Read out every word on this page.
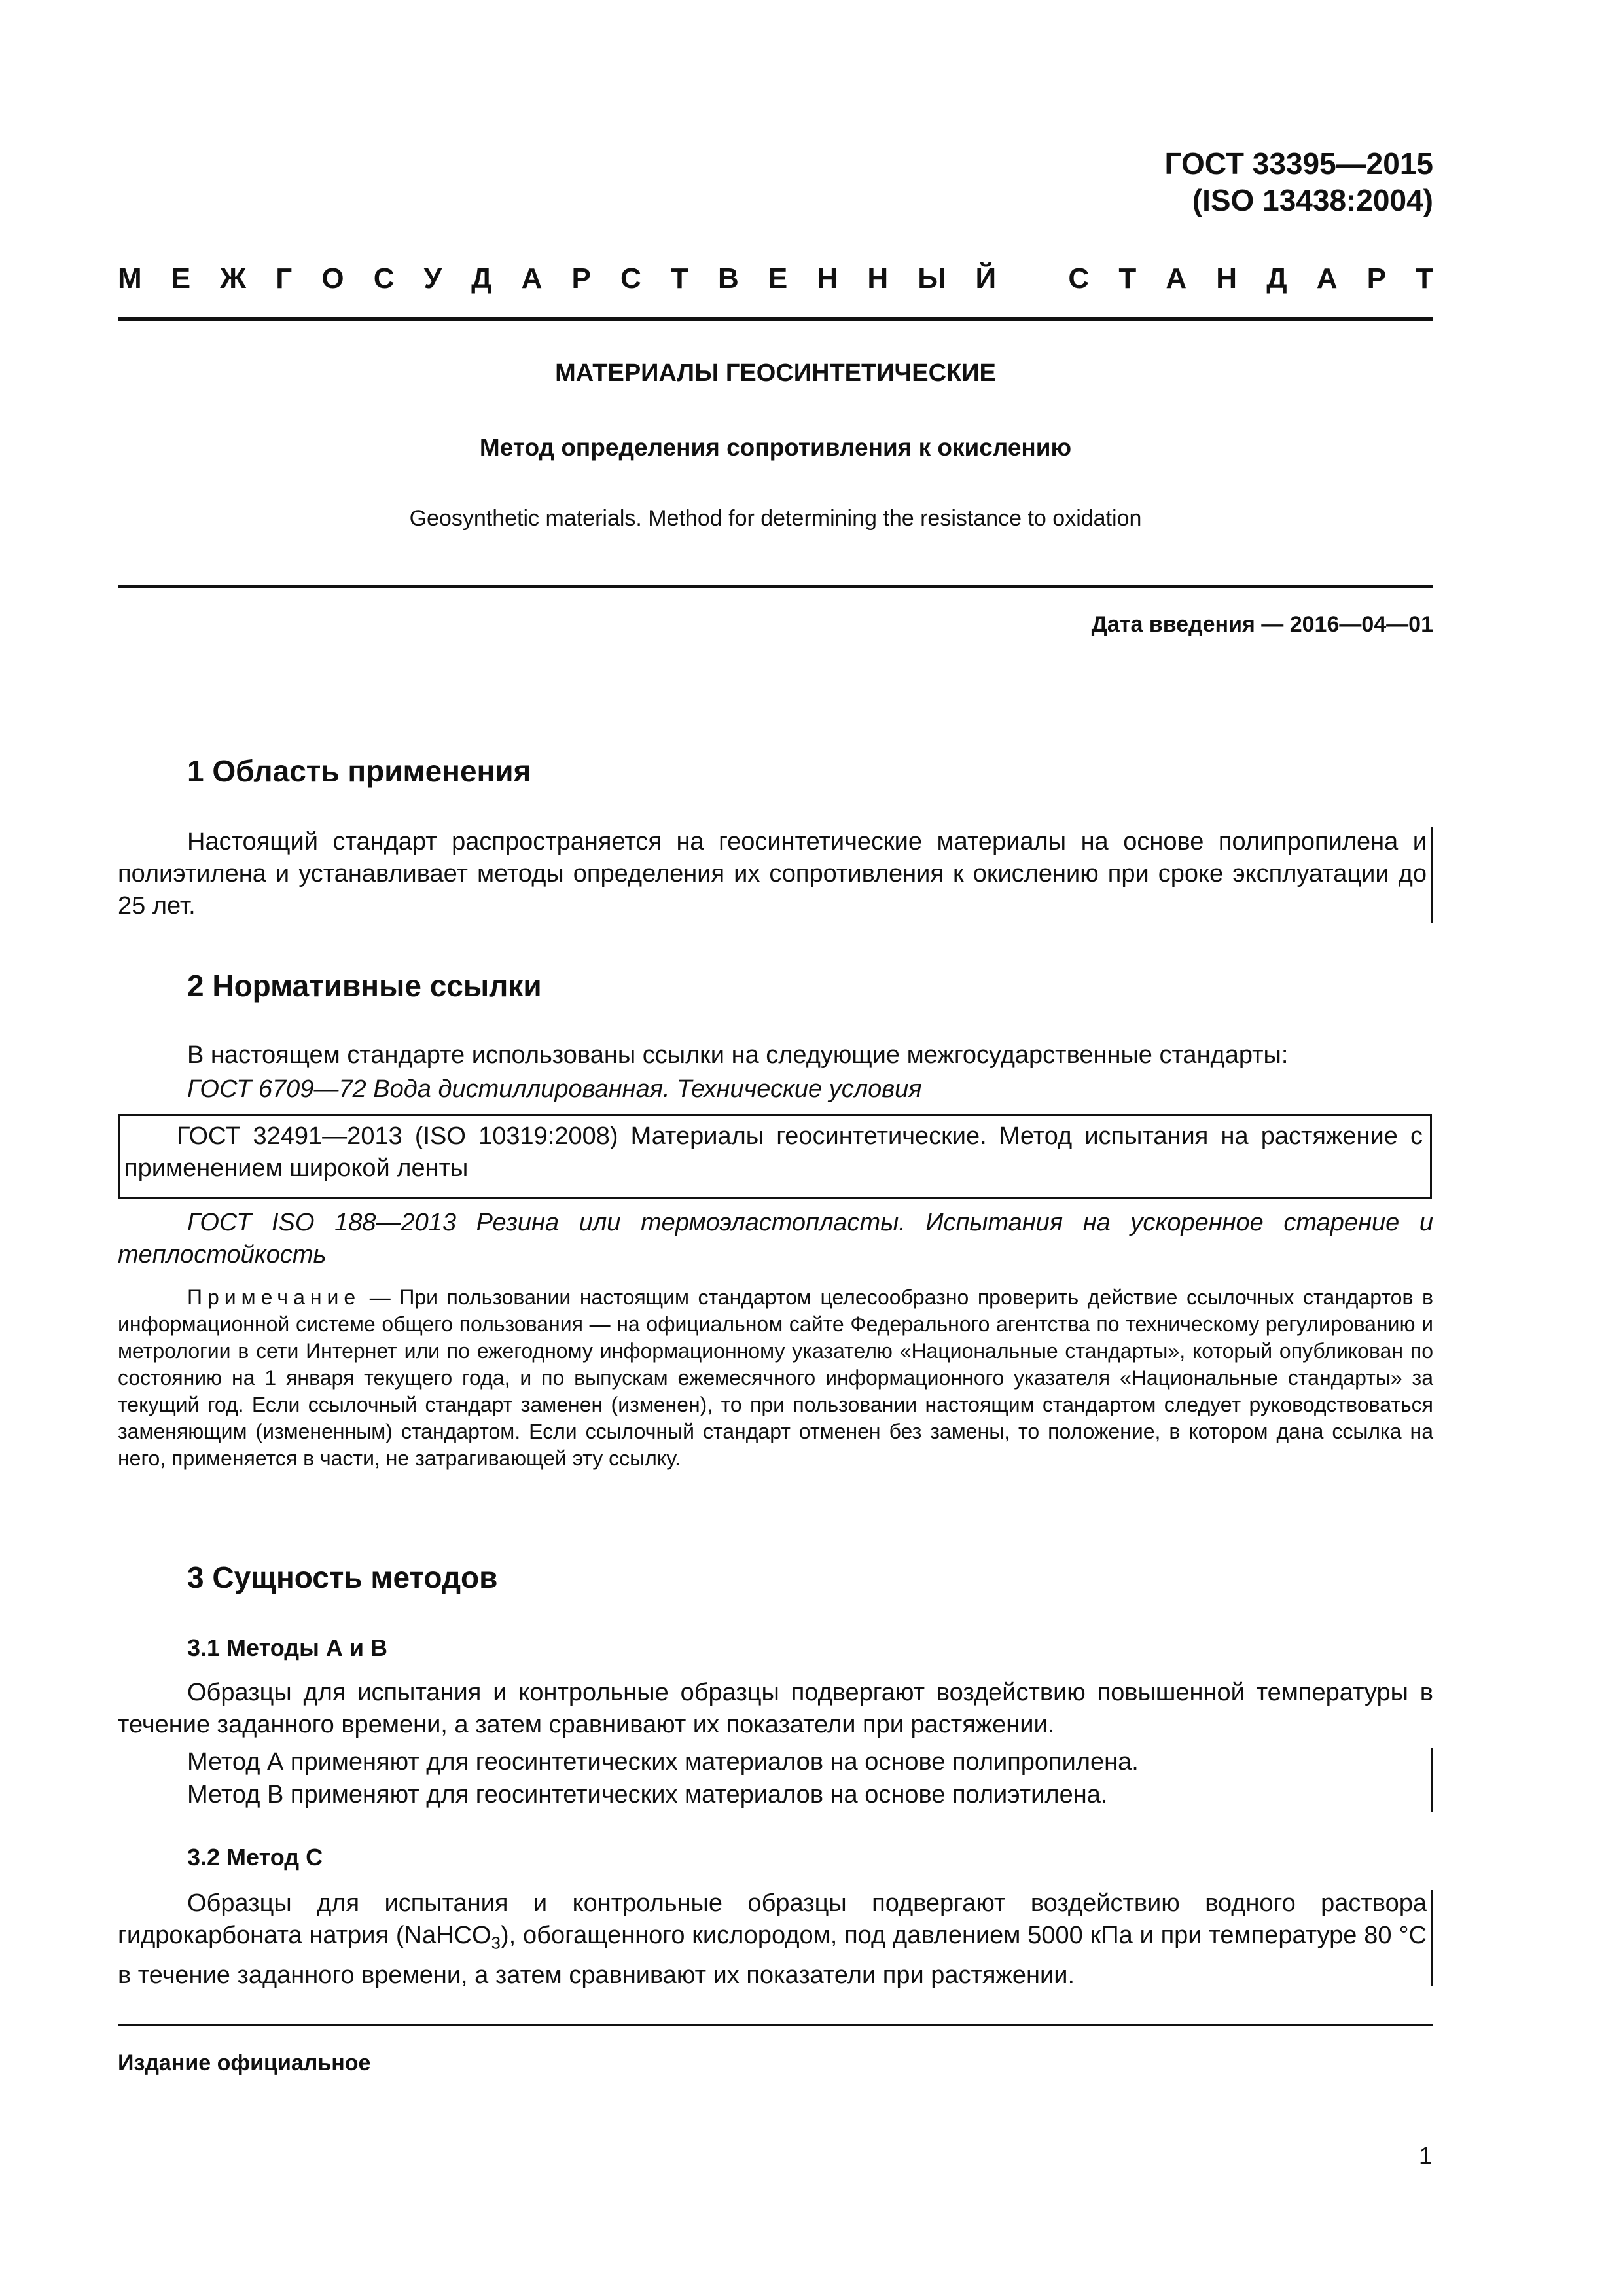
ГОСТ 33395—2015
(ISO 13438:2004)
М Е Ж Г О С У Д А Р С Т В Е Н Н Ы Й	С Т А Н Д А Р Т
МАТЕРИАЛЫ ГЕОСИНТЕТИЧЕСКИЕ
Метод определения сопротивления к окислению
Geosynthetic materials. Method for determining the resistance to oxidation
Дата введения — 2016—04—01
1 Область применения
Настоящий стандарт распространяется на геосинтетические материалы на основе полипропилена и полиэтилена и устанавливает методы определения их сопротивления к окислению при сроке эксплуатации до 25 лет.
2 Нормативные ссылки
В настоящем стандарте использованы ссылки на следующие межгосударственные стандарты:
ГОСТ 6709—72 Вода дистиллированная. Технические условия
ГОСТ 32491—2013 (ISO 10319:2008) Материалы геосинтетические. Метод испытания на растяжение с применением широкой ленты
ГОСТ ISO 188—2013 Резина или термоэластопласты. Испытания на ускоренное старение и теплостойкость
Примечание — При пользовании настоящим стандартом целесообразно проверить действие ссылочных стандартов в информационной системе общего пользования — на официальном сайте Федерального агентства по техническому регулированию и метрологии в сети Интернет или по ежегодному информационному указателю «Национальные стандарты», который опубликован по состоянию на 1 января текущего года, и по выпускам ежемесячного информационного указателя «Национальные стандарты» за текущий год. Если ссылочный стандарт заменен (изменен), то при пользовании настоящим стандартом следует руководствоваться заменяющим (измененным) стандартом. Если ссылочный стандарт отменен без замены, то положение, в котором дана ссылка на него, применяется в части, не затрагивающей эту ссылку.
3 Сущность методов
3.1 Методы А и В
Образцы для испытания и контрольные образцы подвергают воздействию повышенной температуры в течение заданного времени, а затем сравнивают их показатели при растяжении.
Метод А применяют для геосинтетических материалов на основе полипропилена.
Метод В применяют для геосинтетических материалов на основе полиэтилена.
3.2 Метод С
Образцы для испытания и контрольные образцы подвергают воздействию водного раствора гидрокарбоната натрия (NaHCO$_3$), обогащенного кислородом, под давлением 5000 кПа и при температуре 80 °С в течение заданного времени, а затем сравнивают их показатели при растяжении.
Издание официальное
1
